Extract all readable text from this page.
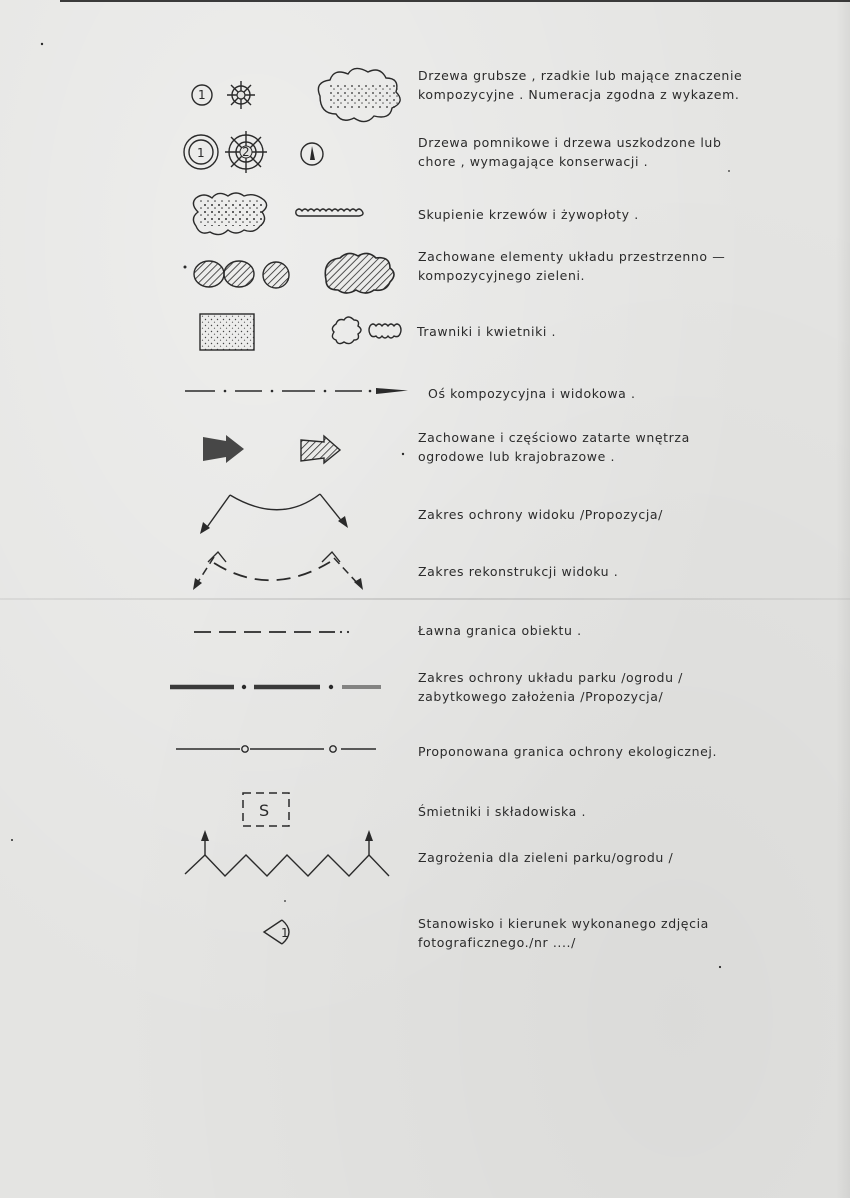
1
1	2
S
1
Drzewa grubsze , rzadkie lub mające znaczenie
kompozycyjne . Numeracja zgodna z wykazem.
Drzewa pomnikowe i drzewa uszkodzone lub
chore , wymagające konserwacji .
Skupienie krzewów i żywopłoty .
Zachowane elementy układu przestrzenno —
kompozycyjnego zieleni.
Trawniki i kwietniki .
Oś kompozycyjna i widokowa .
Zachowane i częściowo zatarte wnętrza
ogrodowe lub krajobrazowe .
Zakres ochrony widoku /Propozycja/
Zakres rekonstrukcji widoku .
Ławna granica obiektu .
Zakres ochrony układu parku /ogrodu /
zabytkowego założenia /Propozycja/
Proponowana granica ochrony ekologicznej.
Śmietniki i składowiska .
Zagrożenia dla zieleni parku/ogrodu /
Stanowisko i kierunek wykonanego zdjęcia
fotograficznego./nr ..../
